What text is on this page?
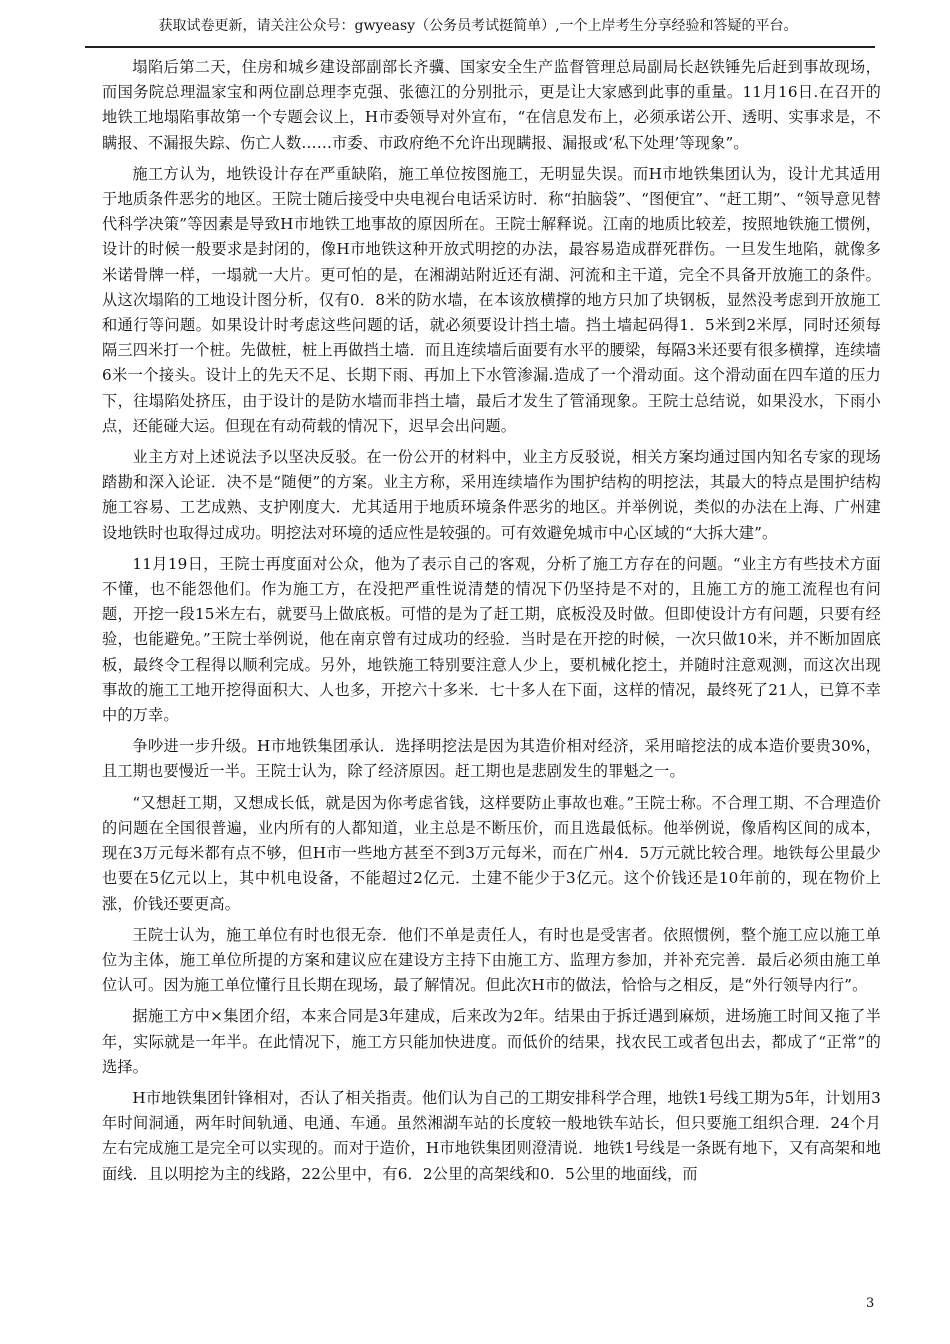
获取试卷更新，请关注公众号：gwyeasy（公务员考试挺简单）,一个上岸考生分享经验和答疑的平台。

塌陷后第二天，住房和城乡建设部副部长齐骥、国家安全生产监督管理总局副局长赵铁锤先后赶到事故现场，而国务院总理温家宝和两位副总理李克强、张德江的分别批示，更是让大家感到此事的重量。11月16日.在召开的地铁工地塌陷事故第一个专题会议上，H市委领导对外宣布，“在信息发布上，必须承诺公开、透明、实事求是，不瞒报、不漏报失踪、伤亡人数……市委、市政府绝不允许出现瞒报、漏报或‘私下处理’等现象”。

施工方认为，地铁设计存在严重缺陷，施工单位按图施工，无明显失误。而H市地铁集团认为，设计尤其适用于地质条件恶劣的地区。王院士随后接受中央电视台电话采访时．称“拍脑袋”、“图便宜”、“赶工期”、“领导意见替代科学决策”等因素是导致H市地铁工地事故的原因所在。王院士解释说。江南的地质比较差，按照地铁施工惯例，设计的时候一般要求是封闭的，像H市地铁这种开放式明挖的办法，最容易造成群死群伤。一旦发生地陷，就像多米诺骨牌一样，一塌就一大片。更可怕的是，在湘湖站附近还有湖、河流和主干道，完全不具备开放施工的条件。从这次塌陷的工地设计图分析，仅有0．8米的防水墙，在本该放横撑的地方只加了块钢板，显然没考虑到开放施工和通行等问题。如果设计时考虑这些问题的话，就必须要设计挡土墙。挡土墙起码得1．5米到2米厚，同时还须每隔三四米打一个桩。先做桩，桩上再做挡土墙．而且连续墙后面要有水平的腰梁，每隔3米还要有很多横撑，连续墙6米一个接头。设计上的先天不足、长期下雨、再加上下水管渗漏.造成了一个滑动面。这个滑动面在四车道的压力下，往塌陷处挤压，由于设计的是防水墙而非挡土墙，最后才发生了管涌现象。王院士总结说，如果没水，下雨小点，还能碰大运。但现在有动荷载的情况下，迟早会出问题。

业主方对上述说法予以坚决反驳。在一份公开的材料中，业主方反驳说，相关方案均通过国内知名专家的现场踏勘和深入论证．决不是“随便”的方案。业主方称，采用连续墙作为围护结构的明挖法，其最大的特点是围护结构施工容易、工艺成熟、支护刚度大．尤其适用于地质环境条件恶劣的地区。并举例说，类似的办法在上海、广州建设地铁时也取得过成功。明挖法对环境的适应性是较强的。可有效避免城市中心区域的“大拆大建”。

11月19日，王院士再度面对公众，他为了表示自己的客观，分析了施工方存在的问题。“业主方有些技术方面不懂，也不能怨他们。作为施工方，在没把严重性说清楚的情况下仍坚持是不对的，且施工方的施工流程也有问题，开挖一段15米左右，就要马上做底板。可惜的是为了赶工期，底板没及时做。但即使设计方有问题，只要有经验，也能避免。”王院士举例说，他在南京曾有过成功的经验．当时是在开挖的时候，一次只做10米，并不断加固底板，最终令工程得以顺利完成。另外，地铁施工特别要注意人少上，要机械化挖土，并随时注意观测，而这次出现事故的施工工地开挖得面积大、人也多，开挖六十多米．七十多人在下面，这样的情况，最终死了21人，已算不幸中的万幸。

争吵进一步升级。H市地铁集团承认．选择明挖法是因为其造价相对经济，采用暗挖法的成本造价要贵30%，且工期也要慢近一半。王院士认为，除了经济原因。赶工期也是悲剧发生的罪魁之一。

“又想赶工期，又想成长低，就是因为你考虑省钱，这样要防止事故也难。”王院士称。不合理工期、不合理造价的问题在全国很普遍，业内所有的人都知道，业主总是不断压价，而且选最低标。他举例说，像盾构区间的成本，现在3万元每米都有点不够，但H市一些地方甚至不到3万元每米，而在广州4．5万元就比较合理。地铁每公里最少也要在5亿元以上，其中机电设备，不能超过2亿元．土建不能少于3亿元。这个价钱还是10年前的，现在物价上涨，价钱还要更高。

王院士认为，施工单位有时也很无奈．他们不单是责任人，有时也是受害者。依照惯例，整个施工应以施工单位为主体，施工单位所提的方案和建议应在建设方主持下由施工方、监理方参加，并补充完善．最后必须由施工单位认可。因为施工单位懂行且长期在现场，最了解情况。但此次H市的做法，恰恰与之相反，是“外行领导内行”。

据施工方中×集团介绍，本来合同是3年建成，后来改为2年。结果由于拆迁遇到麻烦，进场施工时间又拖了半年，实际就是一年半。在此情况下，施工方只能加快进度。而低价的结果，找农民工或者包出去，都成了“正常”的选择。

H市地铁集团针锋相对，否认了相关指责。他们认为自己的工期安排科学合理，地铁1号线工期为5年，计划用3年时间洞通，两年时间轨通、电通、车通。虽然湘湖车站的长度较一般地铁车站长，但只要施工组织合理．24个月左右完成施工是完全可以实现的。而对于造价，H市地铁集团则澄清说．地铁1号线是一条既有地下，又有高架和地面线．且以明挖为主的线路，22公里中，有6．2公里的高架线和0．5公里的地面线，而

3
